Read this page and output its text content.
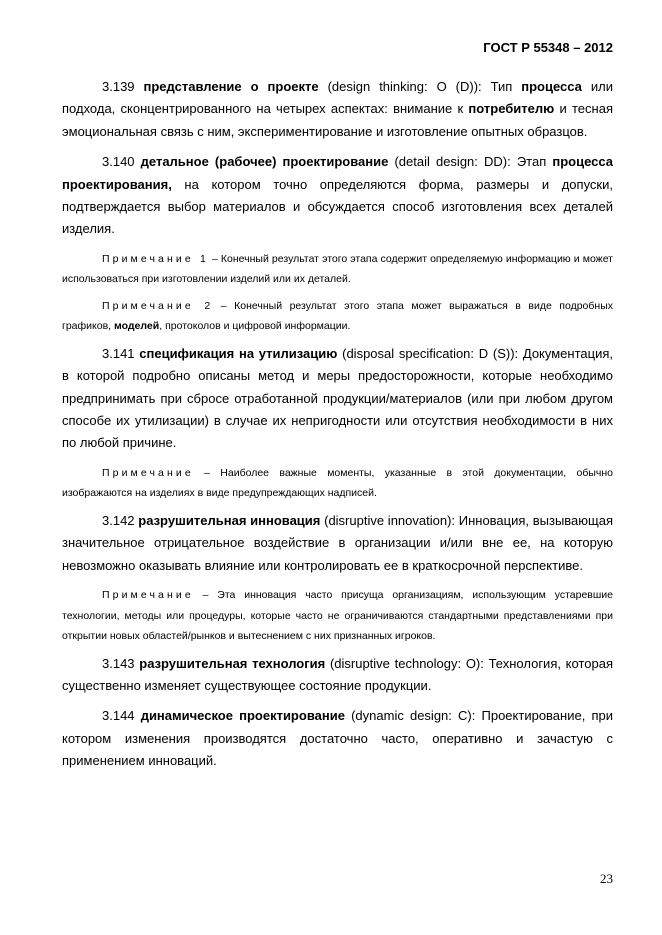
ГОСТ Р 55348 – 2012

3.139 представление о проекте (design thinking: O (D)): Тип процесса или подхода, сконцентрированного на четырех аспектах: внимание к потребителю и тесная эмоциональная связь с ним, экспериментирование и изготовление опытных образцов.

3.140 детальное (рабочее) проектирование (detail design: DD): Этап процесса проектирования, на котором точно определяются форма, размеры и допуски, подтверждается выбор материалов и обсуждается способ изготовления всех деталей изделия.

Примечание 1 – Конечный результат этого этапа содержит определяемую информацию и может использоваться при изготовлении изделий или их деталей.

Примечание 2 – Конечный результат этого этапа может выражаться в виде подробных графиков, моделей, протоколов и цифровой информации.

3.141 спецификация на утилизацию (disposal specification: D (S)): Документация, в которой подробно описаны метод и меры предосторожности, которые необходимо предпринимать при сбросе отработанной продукции/материалов (или при любом другом способе их утилизации) в случае их непригодности или отсутствия необходимости в них по любой причине.

Примечание – Наиболее важные моменты, указанные в этой документации, обычно изображаются на изделиях в виде предупреждающих надписей.

3.142 разрушительная инновация (disruptive innovation): Инновация, вызывающая значительное отрицательное воздействие в организации и/или вне ее, на которую невозможно оказывать влияние или контролировать ее в краткосрочной перспективе.

Примечание – Эта инновация часто присуща организациям, использующим устаревшие технологии, методы или процедуры, которые часто не ограничиваются стандартными представлениями при открытии новых областей/рынков и вытеснением с них признанных игроков.

3.143 разрушительная технология (disruptive technology: O): Технология, которая существенно изменяет существующее состояние продукции.

3.144 динамическое проектирование (dynamic design: C): Проектирование, при котором изменения производятся достаточно часто, оперативно и зачастую с применением инноваций.

23
